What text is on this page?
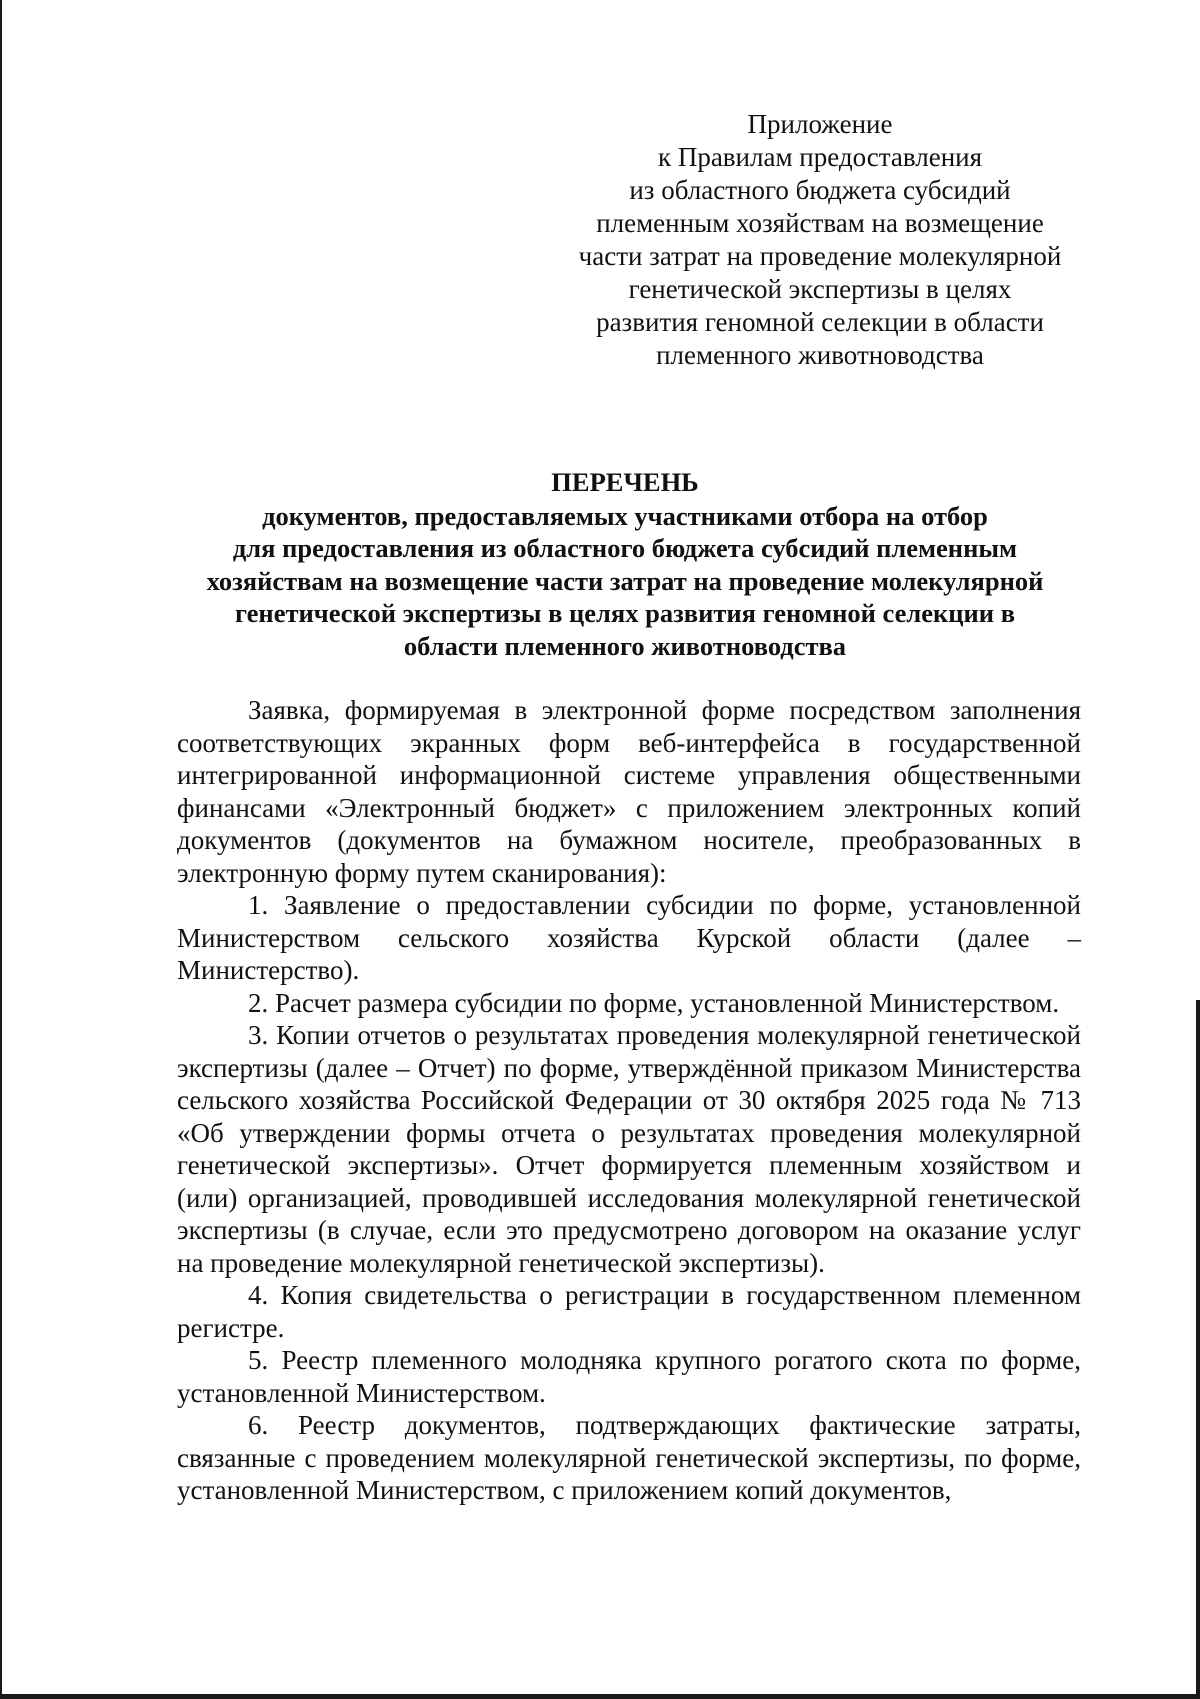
Приложение
к Правилам предоставления
из областного бюджета субсидий
племенным хозяйствам на возмещение
части затрат на проведение молекулярной
генетической экспертизы в целях
развития геномной селекции в области
племенного животноводства
ПЕРЕЧЕНЬ
документов, предоставляемых участниками отбора на отбор
для предоставления из областного бюджета субсидий племенным
хозяйствам на возмещение части затрат на проведение молекулярной
генетической экспертизы в целях развития геномной селекции в
области племенного животноводства

Заявка, формируемая в электронной форме посредством заполнения соответствующих экранных форм веб-интерфейса в государственной интегрированной информационной системе управления общественными финансами «Электронный бюджет» с приложением электронных копий документов (документов на бумажном носителе, преобразованных в электронную форму путем сканирования):

1. Заявление о предоставлении субсидии по форме, установленной Министерством сельского хозяйства Курской области (далее – Министерство).

2. Расчет размера субсидии по форме, установленной Министерством.

3. Копии отчетов о результатах проведения молекулярной генетической экспертизы (далее – Отчет) по форме, утверждённой приказом Министерства сельского хозяйства Российской Федерации от 30 октября 2025 года № 713 «Об утверждении формы отчета о результатах проведения молекулярной генетической экспертизы». Отчет формируется племенным хозяйством и (или) организацией, проводившей исследования молекулярной генетической экспертизы (в случае, если это предусмотрено договором на оказание услуг на проведение молекулярной генетической экспертизы).

4. Копия свидетельства о регистрации в государственном племенном регистре.

5. Реестр племенного молодняка крупного рогатого скота по форме, установленной Министерством.

6. Реестр документов, подтверждающих фактические затраты, связанные с проведением молекулярной генетической экспертизы, по форме, установленной Министерством, с приложением копий документов,
